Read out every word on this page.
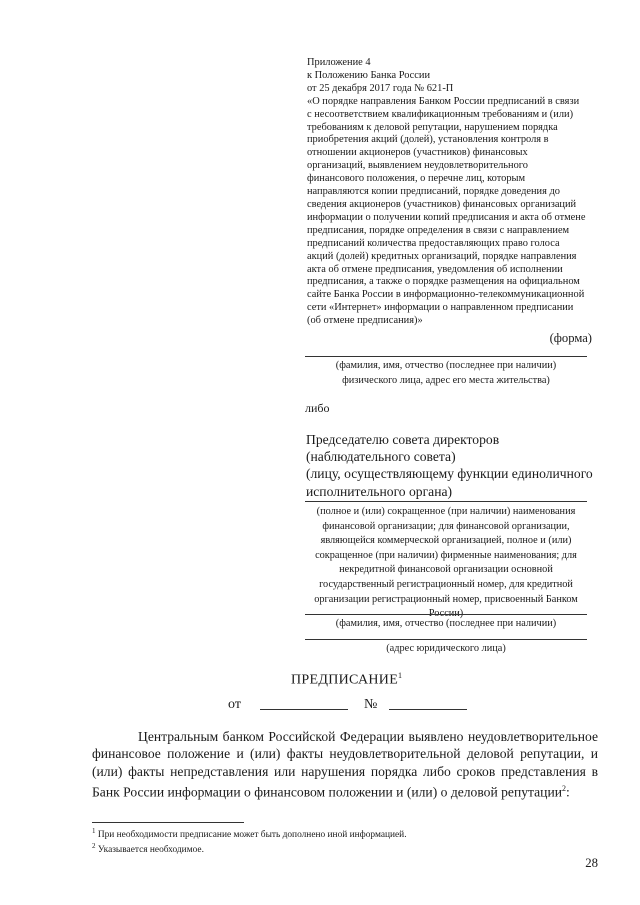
Приложение 4
к Положению Банка России
от 25 декабря 2017 года № 621-П
«О порядке направления Банком России предписаний в связи
с несоответствием квалификационным требованиям и (или)
требованиям к деловой репутации, нарушением порядка
приобретения акций (долей), установления контроля в
отношении акционеров (участников) финансовых
организаций, выявлением неудовлетворительного
финансового положения, о перечне лиц, которым
направляются копии предписаний, порядке доведения до
сведения акционеров (участников) финансовых организаций
информации о получении копий предписания и акта об отмене
предписания, порядке определения в связи с направлением
предписаний количества предоставляющих право голоса
акций (долей) кредитных организаций, порядке направления
акта об отмене предписания, уведомления об исполнении
предписания, а также о порядке размещения на официальном
сайте Банка России в информационно-телекоммуникационной
сети «Интернет» информации о направленном предписании
(об отмене предписания)»
(форма)
(фамилия, имя, отчество (последнее при наличии)
физического лица, адрес его места жительства)
либо
Председателю совета директоров
(наблюдательного совета)
(лицу, осуществляющему функции единоличного
исполнительного органа)
(полное и (или) сокращенное (при наличии) наименования
финансовой организации; для финансовой организации,
являющейся коммерческой организацией, полное и (или)
сокращенное (при наличии) фирменные наименования; для
некредитной финансовой организации основной
государственный регистрационный номер, для кредитной
организации регистрационный номер, присвоенный Банком
России)
(фамилия, имя, отчество (последнее при наличии)
(адрес юридического лица)
ПРЕДПИСАНИЕ$^1$
от	№
Центральным банком Российской Федерации выявлено неудовлетворительное финансовое положение и (или) факты неудовлетворительной деловой репутации, и (или) факты непредставления или нарушения порядка либо сроков представления в Банк России информации о финансовом положении и (или) о деловой репутации$^2$:
$^1$ При необходимости предписание может быть дополнено иной информацией.
$^2$ Указывается необходимое.
28
